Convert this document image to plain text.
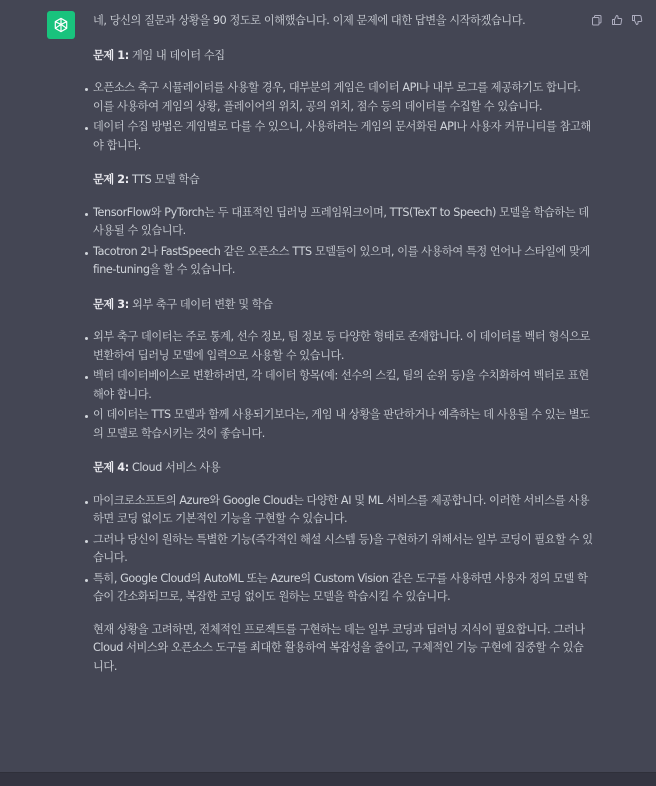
네, 당신의 질문과 상황을 90 정도로 이해했습니다. 이제 문제에 대한 답변을 시작하겠습니다.

문제 1: 게임 내 데이터 수집
오픈소스 축구 시뮬레이터를 사용할 경우, 대부분의 게임은 데이터 API나 내부 로그를 제공하기도 합니다. 이를 사용하여 게임의 상황, 플레이어의 위치, 공의 위치, 점수 등의 데이터를 수집할 수 있습니다.
데이터 수집 방법은 게임별로 다를 수 있으니, 사용하려는 게임의 문서화된 API나 사용자 커뮤니티를 참고해야 합니다.
문제 2: TTS 모델 학습
TensorFlow와 PyTorch는 두 대표적인 딥러닝 프레임워크이며, TTS(TexT to Speech) 모델을 학습하는 데 사용될 수 있습니다.
Tacotron 2나 FastSpeech 같은 오픈소스 TTS 모델들이 있으며, 이를 사용하여 특정 언어나 스타일에 맞게 fine-tuning을 할 수 있습니다.
문제 3: 외부 축구 데이터 변환 및 학습
외부 축구 데이터는 주로 통계, 선수 정보, 팀 정보 등 다양한 형태로 존재합니다. 이 데이터를 벡터 형식으로 변환하여 딥러닝 모델에 입력으로 사용할 수 있습니다.
벡터 데이터베이스로 변환하려면, 각 데이터 항목(예: 선수의 스킬, 팀의 순위 등)을 수치화하여 벡터로 표현해야 합니다.
이 데이터는 TTS 모델과 함께 사용되기보다는, 게임 내 상황을 판단하거나 예측하는 데 사용될 수 있는 별도의 모델로 학습시키는 것이 좋습니다.
문제 4: Cloud 서비스 사용
마이크로소프트의 Azure와 Google Cloud는 다양한 AI 및 ML 서비스를 제공합니다. 이러한 서비스를 사용하면 코딩 없이도 기본적인 기능을 구현할 수 있습니다.
그러나 당신이 원하는 특별한 기능(즉각적인 해설 시스템 등)을 구현하기 위해서는 일부 코딩이 필요할 수 있습니다.
특히, Google Cloud의 AutoML 또는 Azure의 Custom Vision 같은 도구를 사용하면 사용자 정의 모델 학습이 간소화되므로, 복잡한 코딩 없이도 원하는 모델을 학습시킬 수 있습니다.

현재 상황을 고려하면, 전체적인 프로젝트를 구현하는 데는 일부 코딩과 딥러닝 지식이 필요합니다. 그러나 Cloud 서비스와 오픈소스 도구를 최대한 활용하여 복잡성을 줄이고, 구체적인 기능 구현에 집중할 수 있습니다.
